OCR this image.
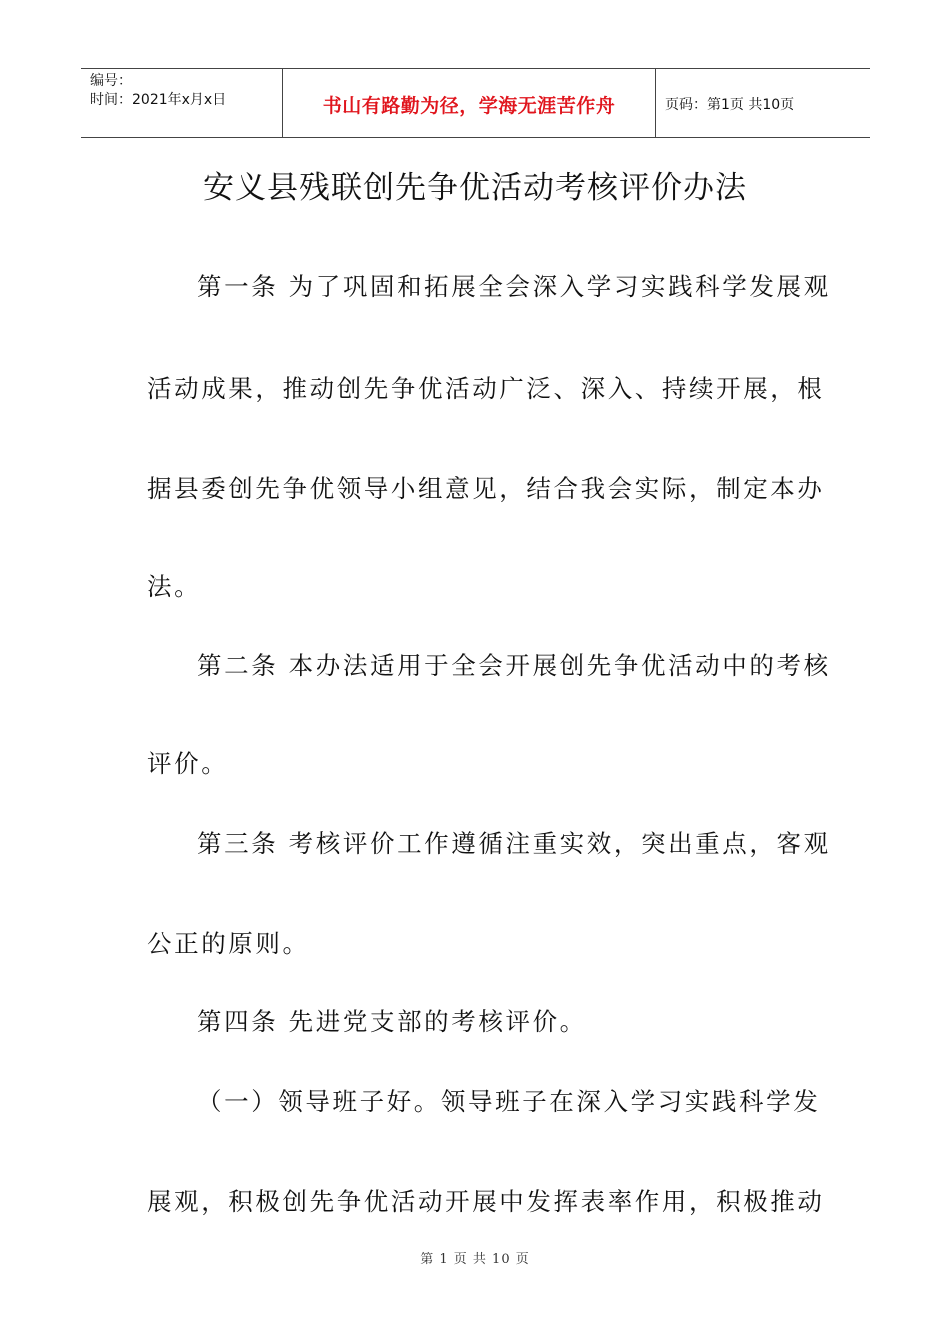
编号：
时间：2021年x月x日	书山有路勤为径，学海无涯苦作舟	页码：第1页 共10页
安义县残联创先争优活动考核评价办法
第一条 为了巩固和拓展全会深入学习实践科学发展观
活动成果，推动创先争优活动广泛、深入、持续开展，根
据县委创先争优领导小组意见，结合我会实际，制定本办
法。
第二条 本办法适用于全会开展创先争优活动中的考核
评价。
第三条 考核评价工作遵循注重实效，突出重点，客观
公正的原则。
第四条 先进党支部的考核评价。
（一）领导班子好。领导班子在深入学习实践科学发
展观，积极创先争优活动开展中发挥表率作用，积极推动
第 1 页 共 10 页
